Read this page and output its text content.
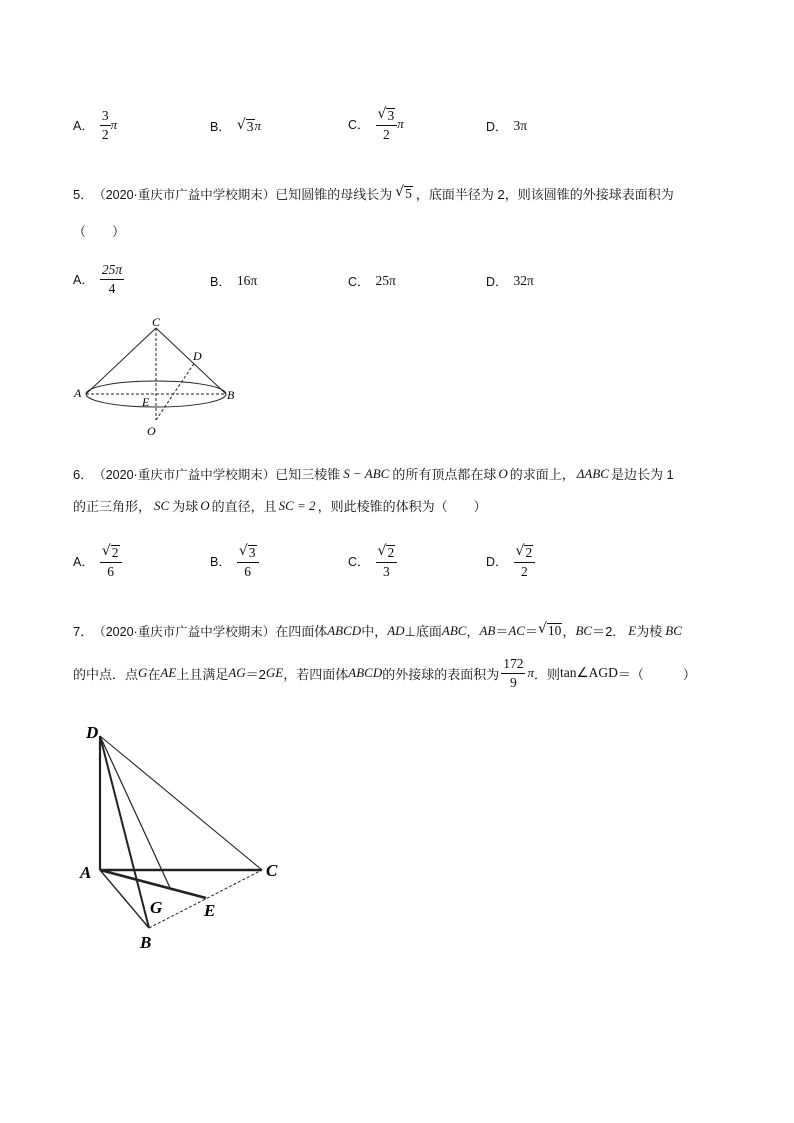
A． $\frac{3}{2}$ π	B． √ 3 π	C． $\frac{√ 3}{2}$ π	D． 3π
5． （2020·重庆市广益中学校期末） 已知圆锥的母线长为 √ 5 ，底面半径为 2，则该圆锥的外接球表面积为
（　　）
A． $\frac{25\pi}{4}$	B． 16π	C． 25π	D． 32π
C
D
A
E	B
O
6． （2020·重庆市广益中学校期末） 已知三棱锥 S − ABC 的所有顶点都在球 O 的求面上， ΔABC 是边长为 1
的正三角形， SC 为球 O 的直径，且 SC = 2 ，则此棱锥的体积为（　　）
A． $\frac{√ 2}{6}$	B． $\frac{√ 3}{6}$	C． $\frac{√ 2}{3}$	D． $\frac{√ 2}{2}$
7． （2020·重庆市广益中学校期末） 在四面体 ABCD 中， AD ⊥底面 ABC ， AB ＝ AC ＝ √ 10 ， BC ＝2． E 为棱 BC
的中点．点 G 在 AE 上且满足 AG ＝2 GE ，若四面体 ABCD 的外接球的表面积为 $\frac{172}{9}$ π ．则 tan∠AGD ＝（　　　）
D
A	C
G E
B
